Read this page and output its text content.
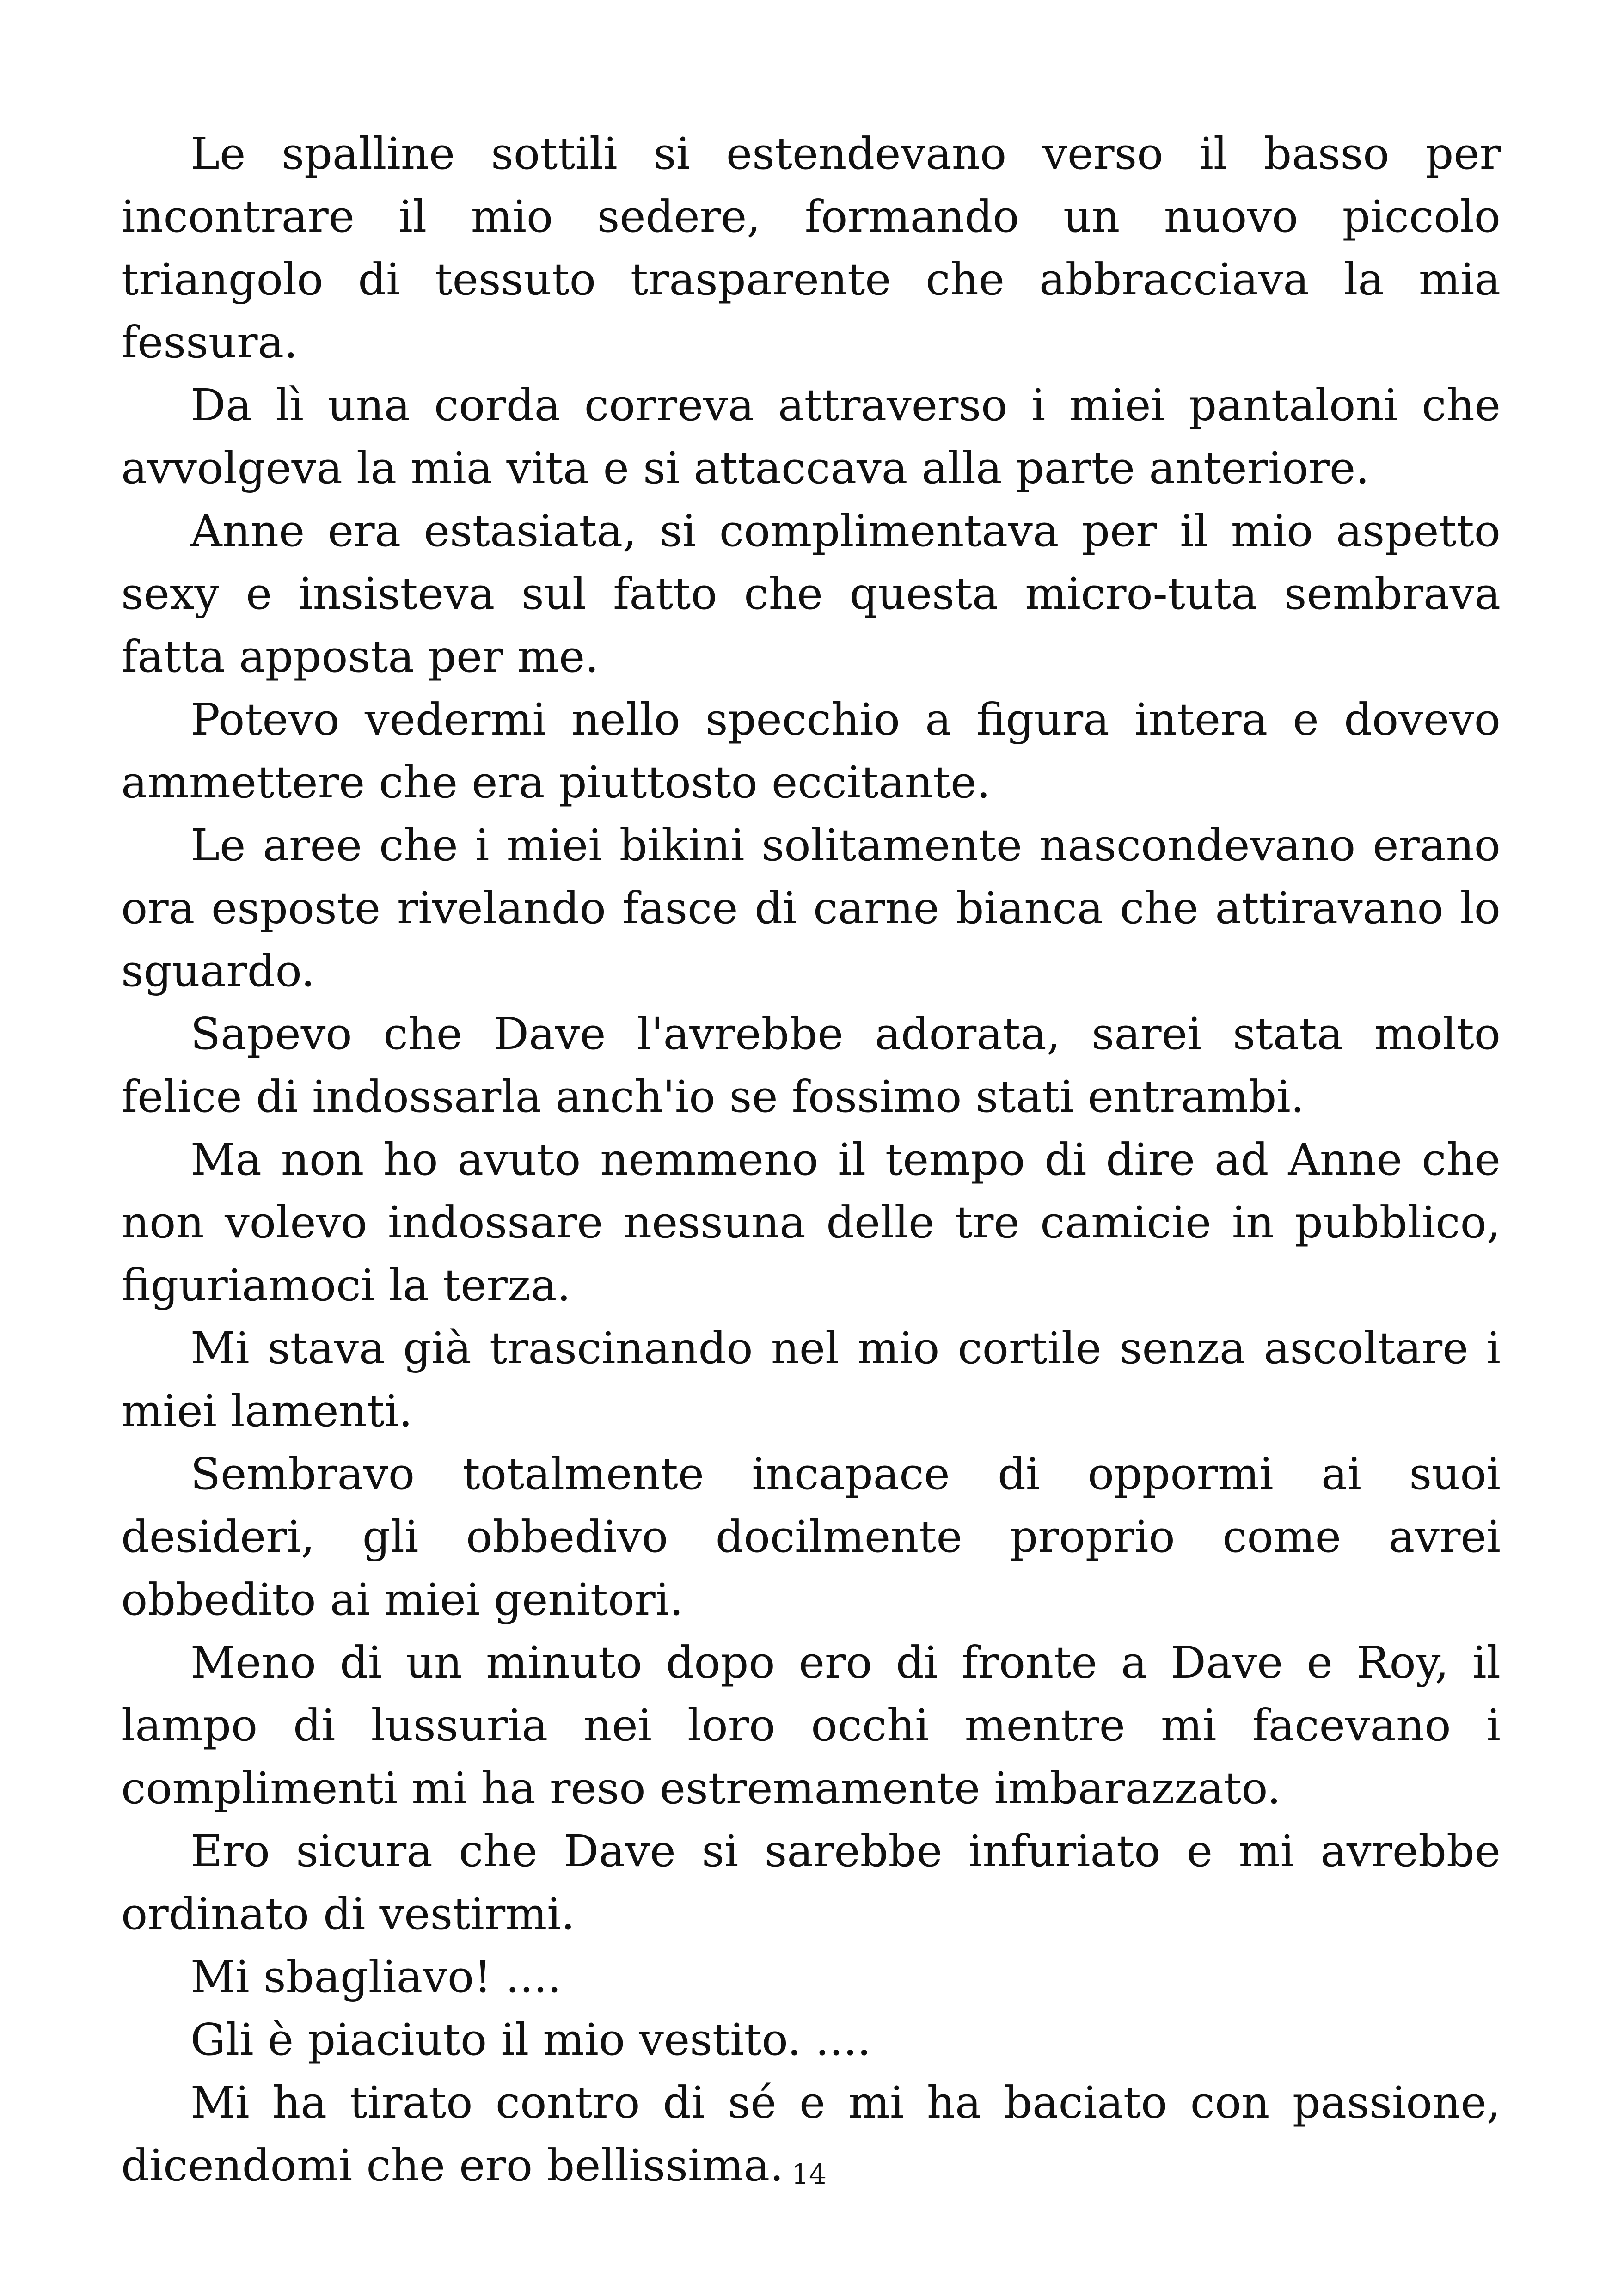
Le spalline sottili si estendevano verso il basso per incontrare il mio sedere, formando un nuovo piccolo triangolo di tessuto trasparente che abbracciava la mia fessura.

Da lì una corda correva attraverso i miei pantaloni che avvolgeva la mia vita e si attaccava alla parte anteriore.

Anne era estasiata, si complimentava per il mio aspetto sexy e insisteva sul fatto che questa micro-tuta sembrava fatta apposta per me.

Potevo vedermi nello specchio a figura intera e dovevo ammettere che era piuttosto eccitante.

Le aree che i miei bikini solitamente nascondevano erano ora esposte rivelando fasce di carne bianca che attiravano lo sguardo.

Sapevo che Dave l'avrebbe adorata, sarei stata molto felice di indossarla anch'io se fossimo stati entrambi.

Ma non ho avuto nemmeno il tempo di dire ad Anne che non volevo indossare nessuna delle tre camicie in pubblico, figuriamoci la terza.

Mi stava già trascinando nel mio cortile senza ascoltare i miei lamenti.

Sembravo totalmente incapace di oppormi ai suoi desideri, gli obbedivo docilmente proprio come avrei obbedito ai miei genitori.

Meno di un minuto dopo ero di fronte a Dave e Roy, il lampo di lussuria nei loro occhi mentre mi facevano i complimenti mi ha reso estremamente imbarazzato.

Ero sicura che Dave si sarebbe infuriato e mi avrebbe ordinato di vestirmi.

Mi sbagliavo! ....

Gli è piaciuto il mio vestito. ....

Mi ha tirato contro di sé e mi ha baciato con passione, dicendomi che ero bellissima. 14
